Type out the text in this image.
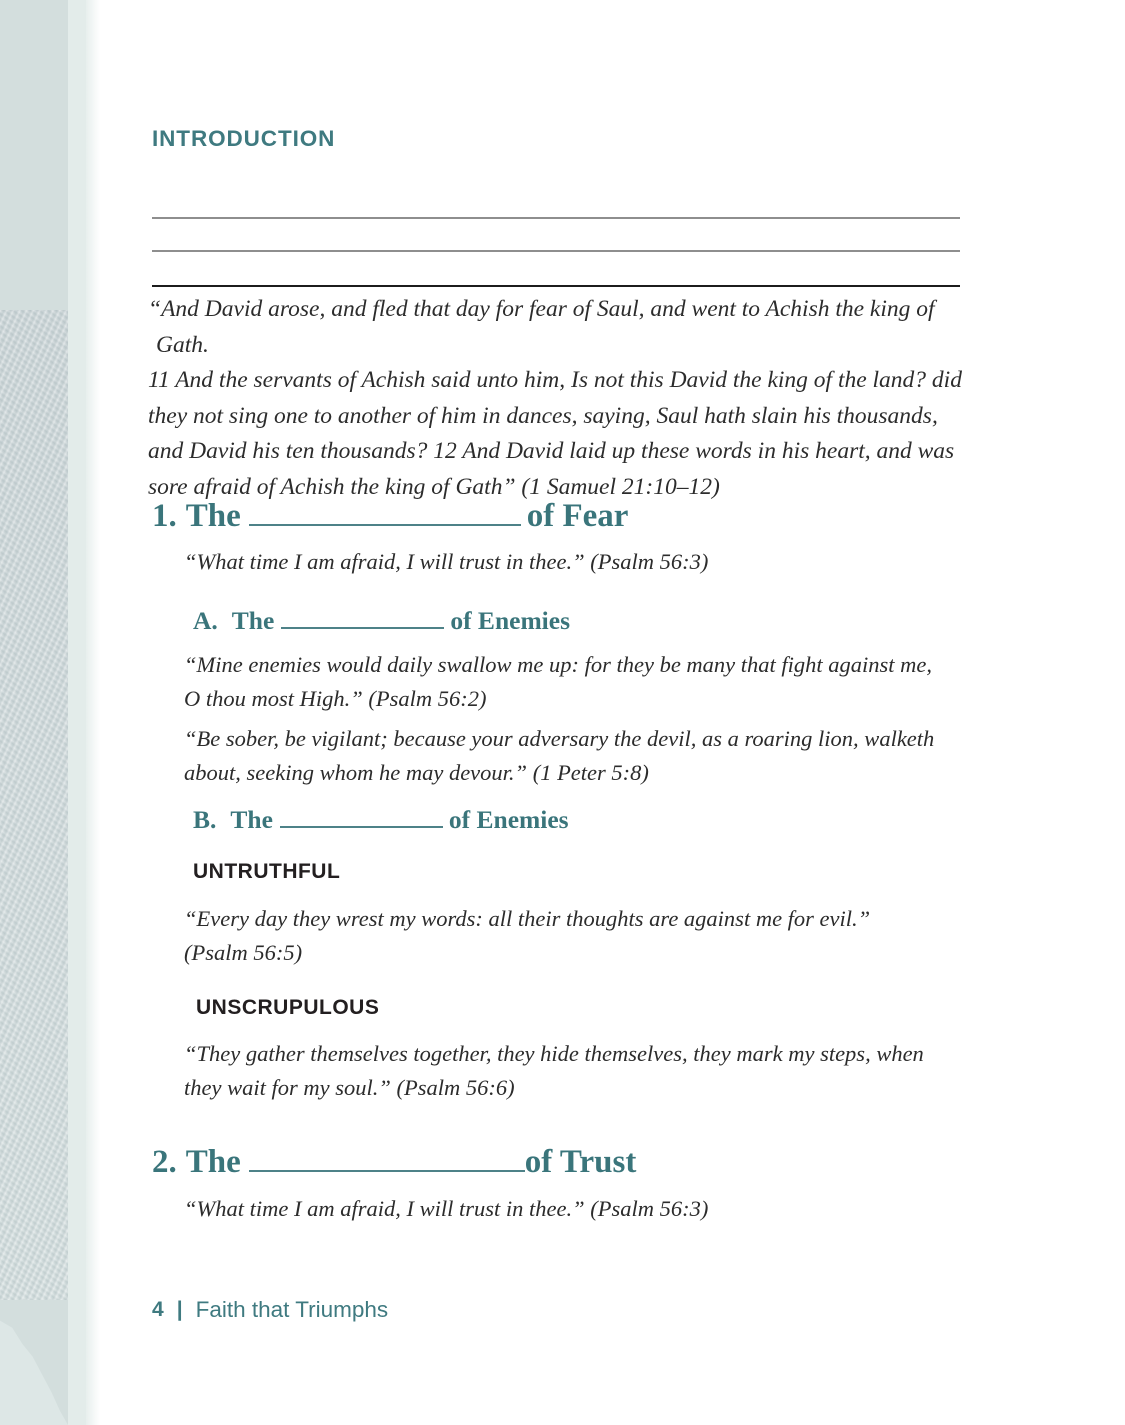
INTRODUCTION
“And David arose, and fled that day for fear of Saul, and went to Achish the king of Gath.
11 And the servants of Achish said unto him, Is not this David the king of the land? did
they not sing one to another of him in dances, saying, Saul hath slain his thousands,
and David his ten thousands? 12 And David laid up these words in his heart, and was
sore afraid of Achish the king of Gath” (1 Samuel 21:10–12)
1. The	of Fear
“What time I am afraid, I will trust in thee.” (Psalm 56:3)
A. The	of Enemies
“Mine enemies would daily swallow me up: for they be many that fight against me,
O thou most High.” (Psalm 56:2)
“Be sober, be vigilant; because your adversary the devil, as a roaring lion, walketh
about, seeking whom he may devour.” (1 Peter 5:8)
B. The	of Enemies
UNTRUTHFUL
“Every day they wrest my words: all their thoughts are against me for evil.”
(Psalm 56:5)
UNSCRUPULOUS
“They gather themselves together, they hide themselves, they mark my steps, when
they wait for my soul.” (Psalm 56:6)
2. The	of Trust
“What time I am afraid, I will trust in thee.” (Psalm 56:3)
4 | Faith that Triumphs
